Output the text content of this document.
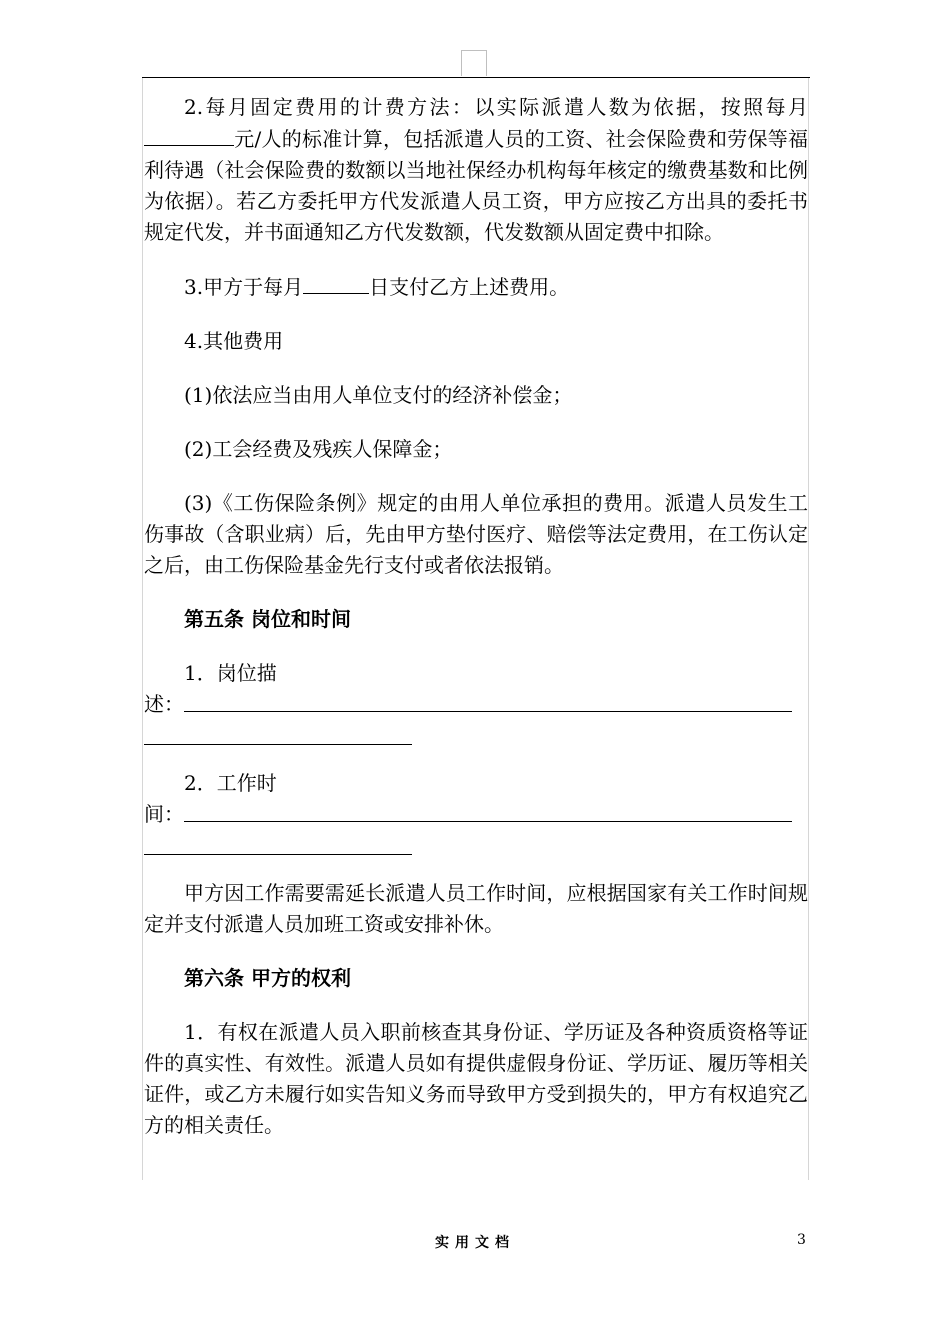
2.每月固定费用的计费方法：以实际派遣人数为依据，按照每月元/人的标准计算，包括派遣人员的工资、社会保险费和劳保等福利待遇（社会保险费的数额以当地社保经办机构每年核定的缴费基数和比例为依据）。若乙方委托甲方代发派遣人员工资，甲方应按乙方出具的委托书规定代发，并书面通知乙方代发数额，代发数额从固定费中扣除。

3.甲方于每月	日支付乙方上述费用。

4.其他费用

(1)依法应当由用人单位支付的经济补偿金；

(2)工会经费及残疾人保障金；

(3)《工伤保险条例》规定的由用人单位承担的费用。派遣人员发生工伤事故（含职业病）后，先由甲方垫付医疗、赔偿等法定费用，在工伤认定之后，由工伤保险基金先行支付或者依法报销。

第五条 岗位和时间

1．岗位描
述：
2．工作时
间：

甲方因工作需要需延长派遣人员工作时间，应根据国家有关工作时间规定并支付派遣人员加班工资或安排补休。

第六条 甲方的权利

1．有权在派遣人员入职前核查其身份证、学历证及各种资质资格等证件的真实性、有效性。派遣人员如有提供虚假身份证、学历证、履历等相关证件，或乙方未履行如实告知义务而导致甲方受到损失的，甲方有权追究乙方的相关责任。

实用文档	3
